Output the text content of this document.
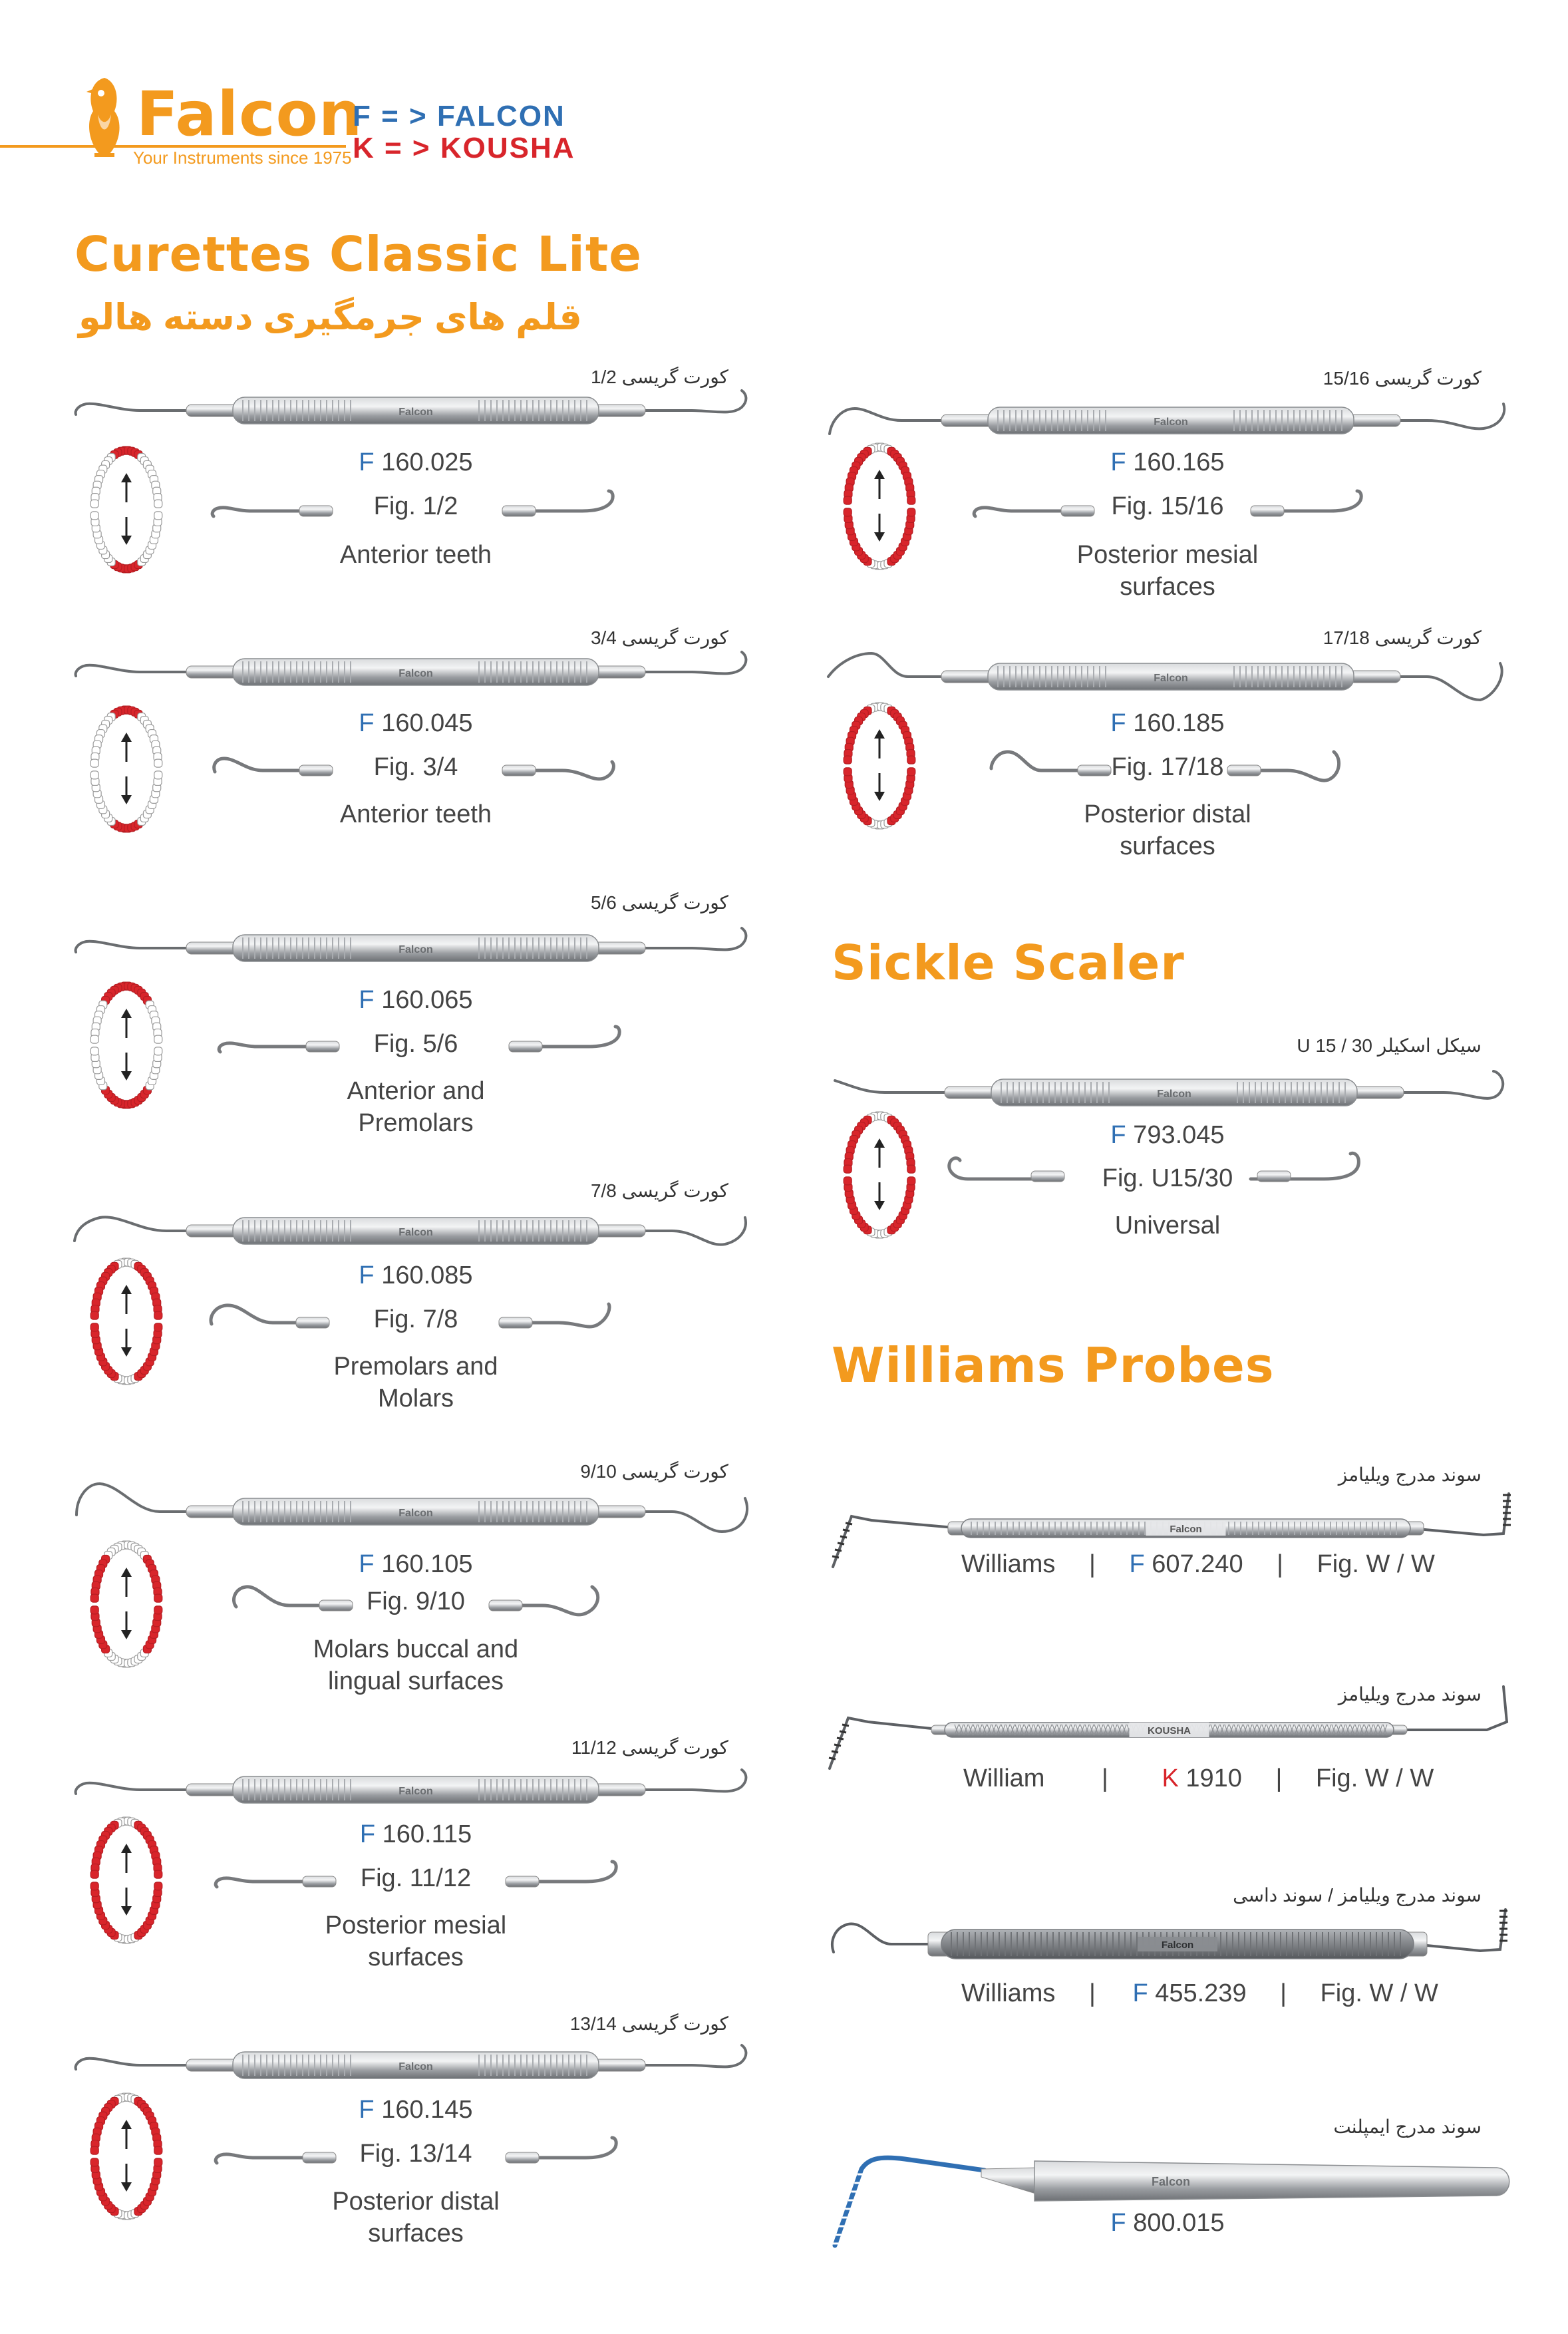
Falcon
Your Instruments since 1975
F = > FALCON
K = > KOUSHA
Curettes Classic Lite
قلم های جرمگیری دسته هالو
Sickle Scaler
Williams Probes
کورت گریسی 1/2
Falcon
F 160.025
Fig. 1/2
Anterior teeth
کورت گریسی 3/4
Falcon
F 160.045
Fig. 3/4
Anterior teeth
کورت گریسی 5/6
Falcon
F 160.065
Fig. 5/6
Anterior and
Premolars
کورت گریسی 7/8
Falcon
F 160.085
Fig. 7/8
Premolars and
Molars
کورت گریسی 9/10
Falcon
F 160.105
Fig. 9/10
Molars buccal and
lingual surfaces
کورت گریسی 11/12
Falcon
F 160.115
Fig. 11/12
Posterior mesial
surfaces
کورت گریسی 13/14
Falcon
F 160.145
Fig. 13/14
Posterior distal
surfaces
کورت گریسی 15/16
Falcon
F 160.165
Fig. 15/16
Posterior mesial
surfaces
کورت گریسی 17/18
Falcon
F 160.185
Fig. 17/18
Posterior distal
surfaces
سیکل اسکیلر U 15 / 30
Falcon
F 793.045
Fig. U15/30
Universal
سوند مدرج ویلیامز
Falcon
Williams | F 607.240 | Fig. W / W
سوند مدرج ویلیامز
KOUSHA
William | K 1910 | Fig. W / W
سوند مدرج ویلیامز / سوند داسی
Falcon
Williams | F 455.239 | Fig. W / W
سوند مدرج ایمپلنت
Falcon
F 800.015
